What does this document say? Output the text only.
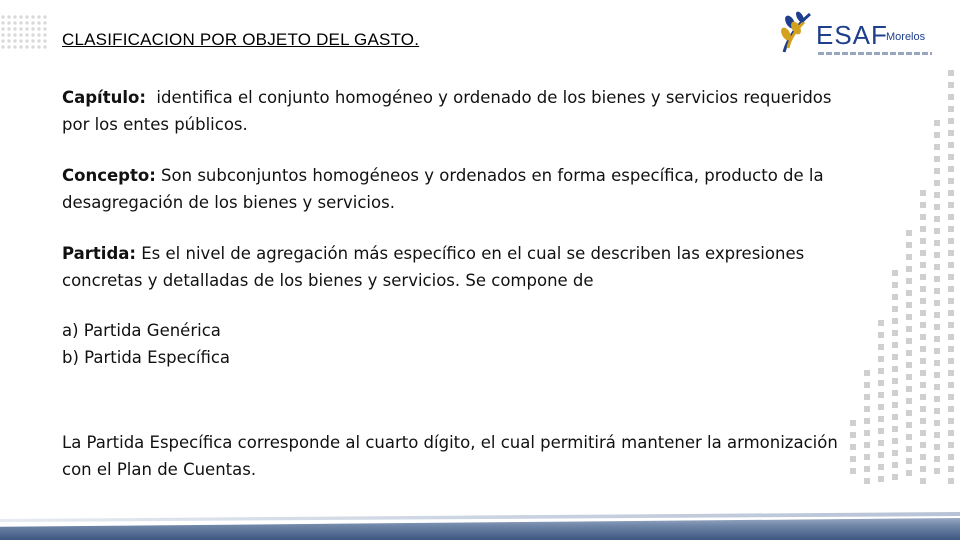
ESAF
Morelos
CLASIFICACION POR OBJETO DEL GASTO.

Capítulo:  identifica el conjunto homogéneo y ordenado de los bienes y servicios requeridos por los entes públicos.

Concepto: Son subconjuntos homogéneos y ordenados en forma específica, producto de la desagregación de los bienes y servicios.

Partida: Es el nivel de agregación más específico en el cual se describen las expresiones concretas y detalladas de los bienes y servicios. Se compone de

a) Partida Genérica

b) Partida Específica

La Partida Específica corresponde al cuarto dígito, el cual permitirá mantener la armonización con el Plan de Cuentas.
